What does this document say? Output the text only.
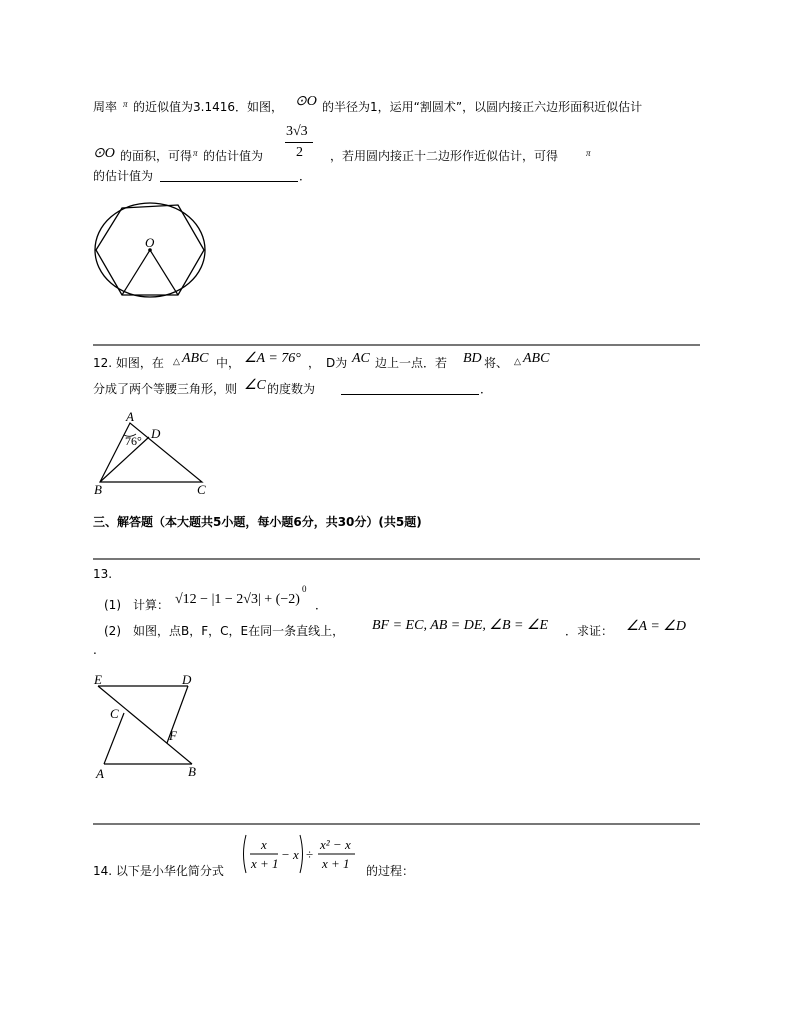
周率 π 的近似值为3.1416．如图， ⊙O 的半径为1，运用“割圆术”，以圆内接正六边形面积近似估计
⊙O 的面积，可得 π 的估计值为
3√3
2 ，若用圆内接正十二边形作近似估计，可得	π
的估计值为	．
O
12. 如图，在 △ ABC 中， ∠A = 76° ， D为 AC 边上一点．若 BD 将、 △ ABC
分成了两个等腰三角形，则 ∠C 的度数为	．
A
D
76°
B	C
三、解答题（本大题共5小题，每小题6分，共30分）(共5题)
13.
(1)　计算： √12 − |1 − 2√3| + (−2)
0
．
(2)　如图，点B，F，C，E在同一条直线上， BF = EC, AB = DE, ∠B = ∠E ．求证： ∠A = ∠D
.
E	D
C
F
A	B
14. 以下是小华化简分式
x
x + 1
− x ÷
x² − x
x + 1 的过程：
